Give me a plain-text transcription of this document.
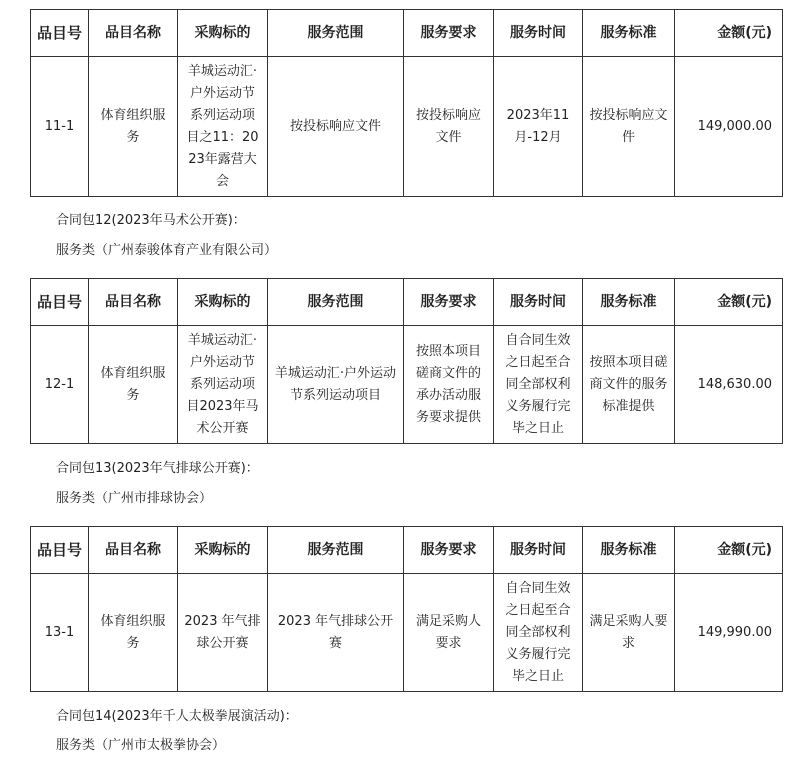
品目号	品目名称	采购标的	服务范围	服务要求	服务时间	服务标准	金额(元)
11-1	体育组织服务	羊城运动汇·户外运动节系列运动项目之11：2023年露营大会	按投标响应文件	按投标响应文件	2023年11月-12月	按投标响应文件	149,000.00
合同包12(2023年马术公开赛)：
服务类（广州泰骏体育产业有限公司）
品目号	品目名称	采购标的	服务范围	服务要求	服务时间	服务标准	金额(元)
12-1	体育组织服务	羊城运动汇·户外运动节系列运动项目2023年马术公开赛	羊城运动汇·户外运动节系列运动项目	按照本项目磋商文件的承办活动服务要求提供	自合同生效之日起至合同全部权利义务履行完毕之日止	按照本项目磋商文件的服务标准提供	148,630.00
合同包13(2023年气排球公开赛)：
服务类（广州市排球协会）
品目号	品目名称	采购标的	服务范围	服务要求	服务时间	服务标准	金额(元)
13-1	体育组织服务	2023 年气排球公开赛	2023 年气排球公开赛	满足采购人要求	自合同生效之日起至合同全部权利义务履行完毕之日止	满足采购人要求	149,990.00
合同包14(2023年千人太极拳展演活动)：
服务类（广州市太极拳协会）
